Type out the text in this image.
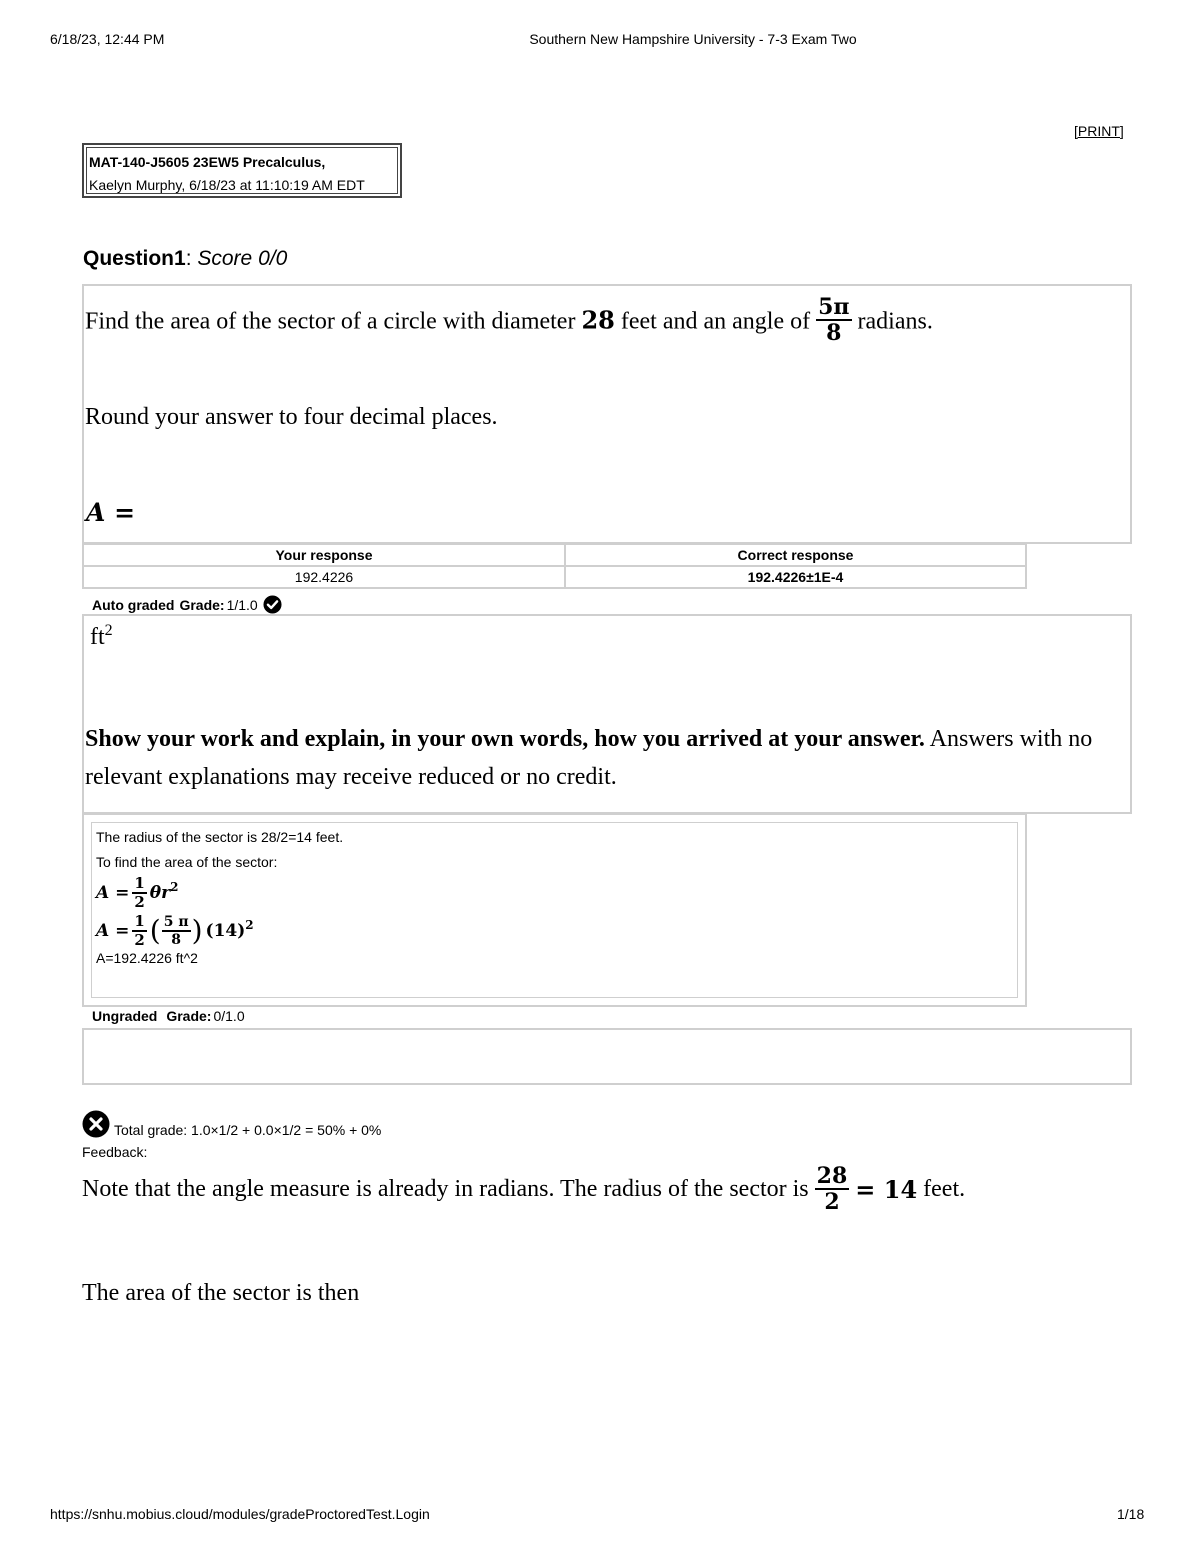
6/18/23, 12:44 PM	Southern New Hampshire University - 7-3 Exam Two
[PRINT]
MAT-140-J5605 23EW5 Precalculus,
Kaelyn Murphy, 6/18/23 at 11:10:19 AM EDT
Question1: Score 0/0
Find the area of the sector of a circle with diameter 28 feet and an angle of $\frac{5\pi}{8}$ radians.
Round your answer to four decimal places.
A =
Your response	Correct response
192.4226	192.4226±1E-4
Auto graded Grade: 1/1.0
$ft^2$
Show your work and explain, in your own words, how you arrived at your answer. Answers with no relevant explanations may receive reduced or no credit.
The radius of the sector is 28/2=14 feet.
To find the area of the sector:
$A = \frac{1}{2} \theta r^2$
$A = \frac{1}{2}$ ( $\frac{5 \pi}{8}$ ) $(14)^2$
A=192.4226 ft^2
Ungraded Grade: 0/1.0
Total grade: 1.0×1/2 + 0.0×1/2 = 50% + 0%
Feedback:
Note that the angle measure is already in radians. The radius of the sector is $\frac{28}{2} = 14$ feet.
The area of the sector is then
https://snhu.mobius.cloud/modules/gradeProctoredTest.Login	1/18
